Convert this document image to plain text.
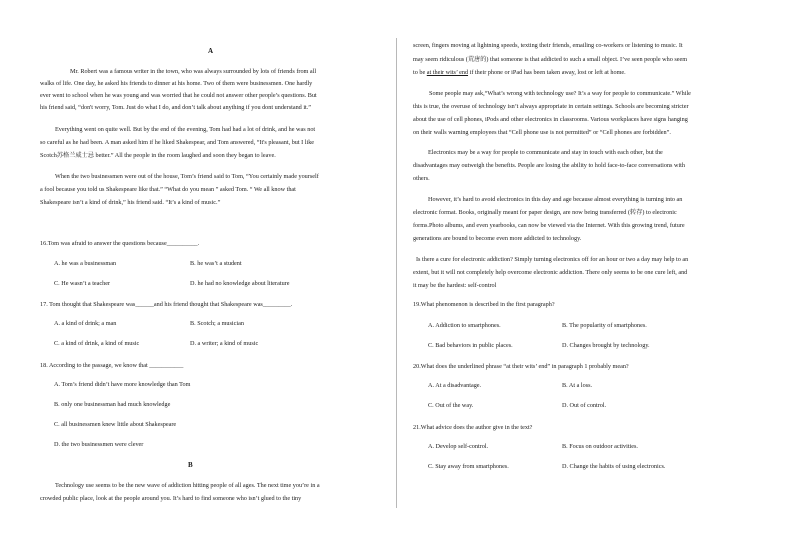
A
Mr. Robert was a famous writer in the town, who was always surrounded by lots of friends from all
walks of life. One day, he asked his friends to dinner at his home. Two of them were businessmen. One hardly
ever went to school when he was young and was worried that he could not answer other people’s questions. But
his friend said, “don't worry, Tom. Just do what I do, and don’t talk about anything if you dont understand it.”
Everything went on quite well. But by the end of the evening, Tom had had a lot of drink, and he was not
so careful as he had been. A man asked him if he liked Shakespear, and Tom answered, “It's pleasant, but I like
Scotch苏格兰威士忌 better.” All the people in the room laughed and soon they began to leave.
When the two businessmen were out of the house, Tom’s friend said to Tom, “You certainly made yourself
a fool because you told us Shakespeare like that.” “What do you mean ” asked Tom. “ We all know that
Shakespeare isn’t a kind of drink,” his friend said. “It’s a kind of music.”
16.Tom was afraid to answer the questions because__________.
A. he was a businessman	B. he was’t a student
C. He wasn’t a teacher	D. he had no knowledge about literature
17. Tom thought that Shakespeare was______and his friend thought that Shakespeare was_________.
A. a kind of drink; a man	B. Scotch; a musician
C. a kind of drink, a kind of music	D. a writer; a kind of music
18. According to the passage, we know that ___________
A. Tom’s friend didn’t have more knowledge than Tom
B. only one businessman had much knowledge
C. all businessmen knew little about Shakespeare
D. the two businessmen were clever
B
Technology use seems to be the new wave of addiction hitting people of all ages. The next time you’re in a
crowded public place, look at the people around you. It’s hard to find someone who isn’t glued to the tiny
screen, fingers moving at lightning speeds, texting their friends, emailing co-workers or listening to music. It
may seem ridiculous (荒唐的) that someone is that addicted to such a small object. I’ve seen people who seem
to be at their wits’ end if their phone or iPad has been taken away, lost or left at home.
Some people may ask,“What’s wrong with technology use? It’s a way for people to communicate.” While
this is true, the overuse of technology isn’t always appropriate in certain settings. Schools are becoming stricter
about the use of cell phones, iPods and other electronics in classrooms. Various workplaces have signs hanging
on their walls warning employees that “Cell phone use is not permitted” or “Cell phones are forbidden”.
Electronics may be a way for people to communicate and stay in touch with each other, but the
disadvantages may outweigh the benefits. People are losing the ability to hold face-to-face conversations with
others.
However, it’s hard to avoid electronics in this day and age because almost everything is turning into an
electronic format. Books, originally meant for paper design, are now being transferred (转存) to electronic
forms.Photo albums, and even yearbooks, can now be viewed via the Internet. With this growing trend, future
generations are bound to become even more addicted to technology.
Is there a cure for electronic addiction? Simply turning electronics off for an hour or two a day may help to an
extent, but it will not completely help overcome electronic addiction. There only seems to be one cure left, and
it may be the hardest: self-control
19.What phenomenon is described in the first paragraph?
A. Addiction to smartphones.	B. The popularity of smartphones.
C. Bad behaviors in public places.	D. Changes brought by technology.
20.What does the underlined phrase “at their wits’ end” in paragraph 1 probably mean?
A. At a disadvantage.	B. At a loss.
C. Out of the way.	D. Out of control.
21.What advice does the author give in the text?
A. Develop self-control.	B. Focus on outdoor activities.
C. Stay away from smartphones.	D. Change the habits of using electronics.
